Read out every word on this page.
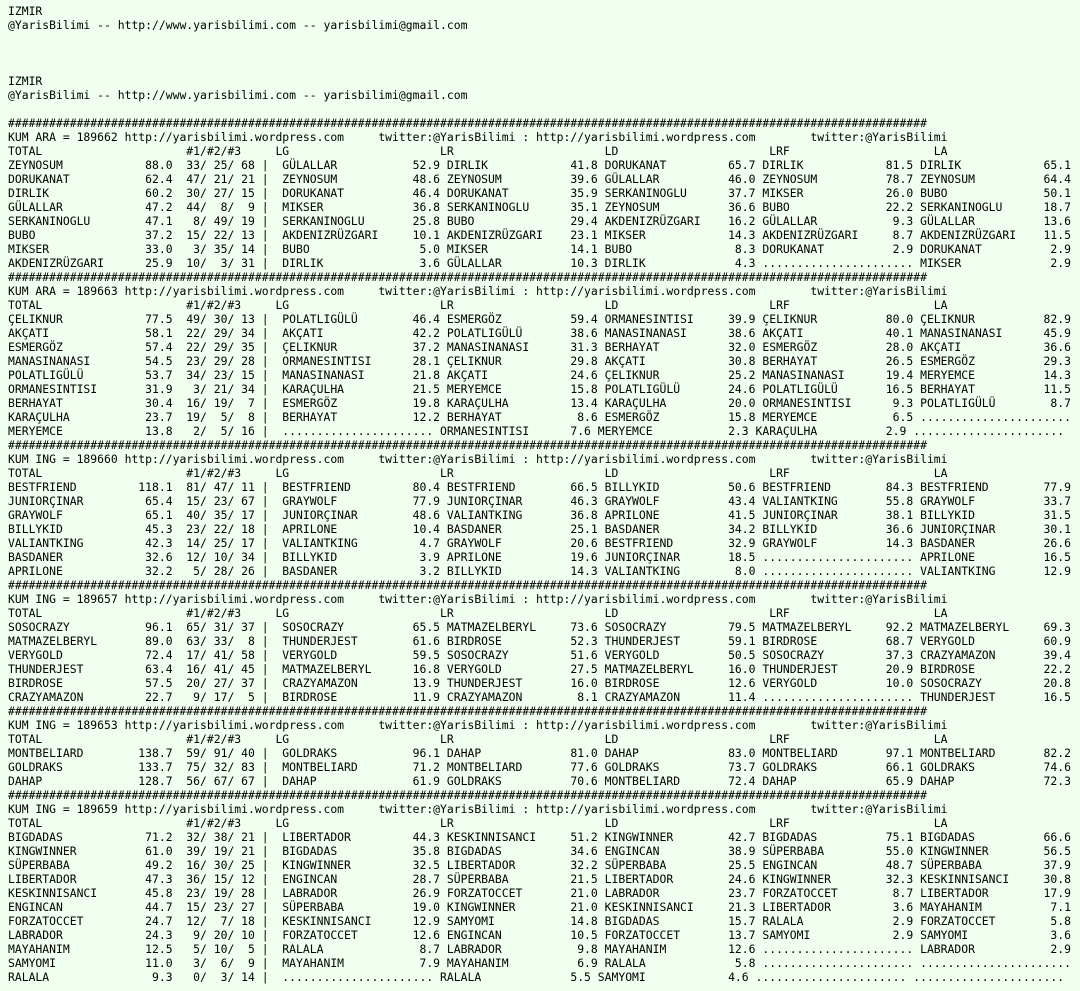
IZMIR
@YarisBilimi -- http://www.yarisbilimi.com -- yarisbilimi@gmail.com
IZMIR
@YarisBilimi -- http://www.yarisbilimi.com -- yarisbilimi@gmail.com
######################################################################################################################################
KUM ARA = 189662 http://yarisbilimi.wordpress.com     twitter:@YarisBilimi : http://yarisbilimi.wordpress.com        twitter:@YarisBilimi
TOTAL                     #1/#2/#3     LG                      LR                      LD                      LRF                     LA
ZEYNOSUM            88.0  33/ 25/ 68 |  GÜLALLAR           52.9 DIRLIK            41.8 DORUKANAT         65.7 DIRLIK            81.5 DIRLIK            65.1
DORUKANAT           62.4  47/ 21/ 21 |  ZEYNOSUM           48.6 ZEYNOSUM          39.6 GÜLALLAR          46.0 ZEYNOSUM          78.7 ZEYNOSUM          64.4
DIRLIK              60.2  30/ 27/ 15 |  DORUKANAT          46.4 DORUKANAT         35.9 SERKANINOGLU      37.7 MIKSER            26.0 BUBO              50.1
GÜLALLAR            47.2  44/  8/  9 |  MIKSER             36.8 SERKANINOGLU      35.1 ZEYNOSUM          36.6 BUBO              22.2 SERKANINOGLU      18.7
SERKANINOGLU        47.1   8/ 49/ 19 |  SERKANINOGLU       25.8 BUBO              29.4 AKDENIZRÜZGARI    16.2 GÜLALLAR           9.3 GÜLALLAR          13.6
BUBO                37.2  15/ 22/ 13 |  AKDENIZRÜZGARI     10.1 AKDENIZRÜZGARI    23.1 MIKSER            14.3 AKDENIZRÜZGARI     8.7 AKDENIZRÜZGARI    11.5
MIKSER              33.0   3/ 35/ 14 |  BUBO                5.0 MIKSER            14.1 BUBO               8.3 DORUKANAT          2.9 DORUKANAT          2.9
AKDENIZRÜZGARI      25.9  10/  3/ 31 |  DIRLIK              3.6 GÜLALLAR          10.3 DIRLIK             4.3 ...................... MIKSER             2.9
######################################################################################################################################
KUM ARA = 189663 http://yarisbilimi.wordpress.com     twitter:@YarisBilimi : http://yarisbilimi.wordpress.com        twitter:@YarisBilimi
TOTAL                     #1/#2/#3     LG                      LR                      LD                      LRF                     LA
ÇELIKNUR            77.5  49/ 30/ 13 |  POLATLIGÜLÜ        46.4 ESMERGÖZ          59.4 ORMANESINTISI     39.9 ÇELIKNUR          80.0 ÇELIKNUR          82.9
AKÇATI              58.1  22/ 29/ 34 |  AKÇATI             42.2 POLATLIGÜLÜ       38.6 MANASINANASI      38.6 AKÇATI            40.1 MANASINANASI      45.9
ESMERGÖZ            57.4  22/ 29/ 35 |  ÇELIKNUR           37.2 MANASINANASI      31.3 BERHAYAT          32.0 ESMERGÖZ          28.0 AKÇATI            36.6
MANASINANASI        54.5  23/ 29/ 28 |  ORMANESINTISI      28.1 ÇELIKNUR          29.8 AKÇATI            30.8 BERHAYAT          26.5 ESMERGÖZ          29.3
POLATLIGÜLÜ         53.7  34/ 23/ 15 |  MANASINANASI       21.8 AKÇATI            24.6 ÇELIKNUR          25.2 MANASINANASI      19.4 MERYEMCE          14.3
ORMANESINTISI       31.9   3/ 21/ 34 |  KARAÇULHA          21.5 MERYEMCE          15.8 POLATLIGÜLÜ       24.6 POLATLIGÜLÜ       16.5 BERHAYAT          11.5
BERHAYAT            30.4  16/ 19/  7 |  ESMERGÖZ           19.8 KARAÇULHA         13.4 KARAÇULHA         20.0 ORMANESINTISI      9.3 POLATLIGÜLÜ        8.7
KARAÇULHA           23.7  19/  5/  8 |  BERHAYAT           12.2 BERHAYAT           8.6 ESMERGÖZ          15.8 MERYEMCE           6.5 ......................
MERYEMCE            13.8   2/  5/ 16 |  ...................... ORMANESINTISI      7.6 MERYEMCE           2.3 KARAÇULHA          2.9 ......................
######################################################################################################################################
KUM ING = 189660 http://yarisbilimi.wordpress.com     twitter:@YarisBilimi : http://yarisbilimi.wordpress.com        twitter:@YarisBilimi
TOTAL                     #1/#2/#3     LG                      LR                      LD                      LRF                     LA
BESTFRIEND         118.1  81/ 47/ 11 |  BESTFRIEND         80.4 BESTFRIEND        66.5 BILLYKID          50.6 BESTFRIEND        84.3 BESTFRIEND        77.9
JUNIORÇINAR         65.4  15/ 23/ 67 |  GRAYWOLF           77.9 JUNIORÇINAR       46.3 GRAYWOLF          43.4 VALIANTKING       55.8 GRAYWOLF          33.7
GRAYWOLF            65.1  40/ 35/ 17 |  JUNIORÇINAR        48.6 VALIANTKING       36.8 APRILONE          41.5 JUNIORÇINAR       38.1 BILLYKID          31.5
BILLYKID            45.3  23/ 22/ 18 |  APRILONE           10.4 BASDANER          25.1 BASDANER          34.2 BILLYKID          36.6 JUNIORÇINAR       30.1
VALIANTKING         42.3  14/ 25/ 17 |  VALIANTKING         4.7 GRAYWOLF          20.6 BESTFRIEND        32.9 GRAYWOLF          14.3 BASDANER          26.6
BASDANER            32.6  12/ 10/ 34 |  BILLYKID            3.9 APRILONE          19.6 JUNIORÇINAR       18.5 ...................... APRILONE          16.5
APRILONE            32.2   5/ 28/ 26 |  BASDANER            3.2 BILLYKID          14.3 VALIANTKING        8.0 ...................... VALIANTKING       12.9
######################################################################################################################################
KUM ING = 189657 http://yarisbilimi.wordpress.com     twitter:@YarisBilimi : http://yarisbilimi.wordpress.com        twitter:@YarisBilimi
TOTAL                     #1/#2/#3     LG                      LR                      LD                      LRF                     LA
SOSOCRAZY           96.1  65/ 31/ 37 |  SOSOCRAZY          65.5 MATMAZELBERYL     73.6 SOSOCRAZY         79.5 MATMAZELBERYL     92.2 MATMAZELBERYL     69.3
MATMAZELBERYL       89.0  63/ 33/  8 |  THUNDERJEST        61.6 BIRDROSE          52.3 THUNDERJEST       59.1 BIRDROSE          68.7 VERYGOLD          60.9
VERYGOLD            72.4  17/ 41/ 58 |  VERYGOLD           59.5 SOSOCRAZY         51.6 VERYGOLD          50.5 SOSOCRAZY         37.3 CRAZYAMAZON       39.4
THUNDERJEST         63.4  16/ 41/ 45 |  MATMAZELBERYL      16.8 VERYGOLD          27.5 MATMAZELBERYL     16.0 THUNDERJEST       20.9 BIRDROSE          22.2
BIRDROSE            57.5  20/ 27/ 37 |  CRAZYAMAZON        13.9 THUNDERJEST       16.0 BIRDROSE          12.6 VERYGOLD          10.0 SOSOCRAZY         20.8
CRAZYAMAZON         22.7   9/ 17/  5 |  BIRDROSE           11.9 CRAZYAMAZON        8.1 CRAZYAMAZON       11.4 ...................... THUNDERJEST       16.5
######################################################################################################################################
KUM ING = 189653 http://yarisbilimi.wordpress.com     twitter:@YarisBilimi : http://yarisbilimi.wordpress.com        twitter:@YarisBilimi
TOTAL                     #1/#2/#3     LG                      LR                      LD                      LRF                     LA
MONTBELIARD        138.7  59/ 91/ 40 |  GOLDRAKS           96.1 DAHAP             81.0 DAHAP             83.0 MONTBELIARD       97.1 MONTBELIARD       82.2
GOLDRAKS           133.7  75/ 32/ 83 |  MONTBELIARD        71.2 MONTBELIARD       77.6 GOLDRAKS          73.7 GOLDRAKS          66.1 GOLDRAKS          74.6
DAHAP              128.7  56/ 67/ 67 |  DAHAP              61.9 GOLDRAKS          70.6 MONTBELIARD       72.4 DAHAP             65.9 DAHAP             72.3
######################################################################################################################################
KUM ING = 189659 http://yarisbilimi.wordpress.com     twitter:@YarisBilimi : http://yarisbilimi.wordpress.com        twitter:@YarisBilimi
TOTAL                     #1/#2/#3     LG                      LR                      LD                      LRF                     LA
BIGDADAS            71.2  32/ 38/ 21 |  LIBERTADOR         44.3 KESKINNISANCI     51.2 KINGWINNER        42.7 BIGDADAS          75.1 BIGDADAS          66.6
KINGWINNER          61.0  39/ 19/ 21 |  BIGDADAS           35.8 BIGDADAS          34.6 ENGINCAN          38.9 SÜPERBABA         55.0 KINGWINNER        56.5
SÜPERBABA           49.2  16/ 30/ 25 |  KINGWINNER         32.5 LIBERTADOR        32.2 SÜPERBABA         25.5 ENGINCAN          48.7 SÜPERBABA         37.9
LIBERTADOR          47.3  36/ 15/ 12 |  ENGINCAN           28.7 SÜPERBABA         21.5 LIBERTADOR        24.6 KINGWINNER        32.3 KESKINNISANCI     30.8
KESKINNISANCI       45.8  23/ 19/ 28 |  LABRADOR           26.9 FORZATOCCET       21.0 LABRADOR          23.7 FORZATOCCET        8.7 LIBERTADOR        17.9
ENGINCAN            44.7  15/ 23/ 27 |  SÜPERBABA          19.0 KINGWINNER        21.0 KESKINNISANCI     21.3 LIBERTADOR         3.6 MAYAHANIM          7.1
FORZATOCCET         24.7  12/  7/ 18 |  KESKINNISANCI      12.9 SAMYOMI           14.8 BIGDADAS          15.7 RALALA             2.9 FORZATOCCET        5.8
LABRADOR            24.3   9/ 20/ 10 |  FORZATOCCET        12.6 ENGINCAN          10.5 FORZATOCCET       13.7 SAMYOMI            2.9 SAMYOMI            3.6
MAYAHANIM           12.5   5/ 10/  5 |  RALALA              8.7 LABRADOR           9.8 MAYAHANIM         12.6 ...................... LABRADOR           2.9
SAMYOMI             11.0   3/  6/  9 |  MAYAHANIM           7.9 MAYAHANIM          6.9 RALALA             5.8 ...................... ......................
RALALA               9.3   0/  3/ 14 |  ...................... RALALA             5.5 SAMYOMI            4.6 ...................... ......................
